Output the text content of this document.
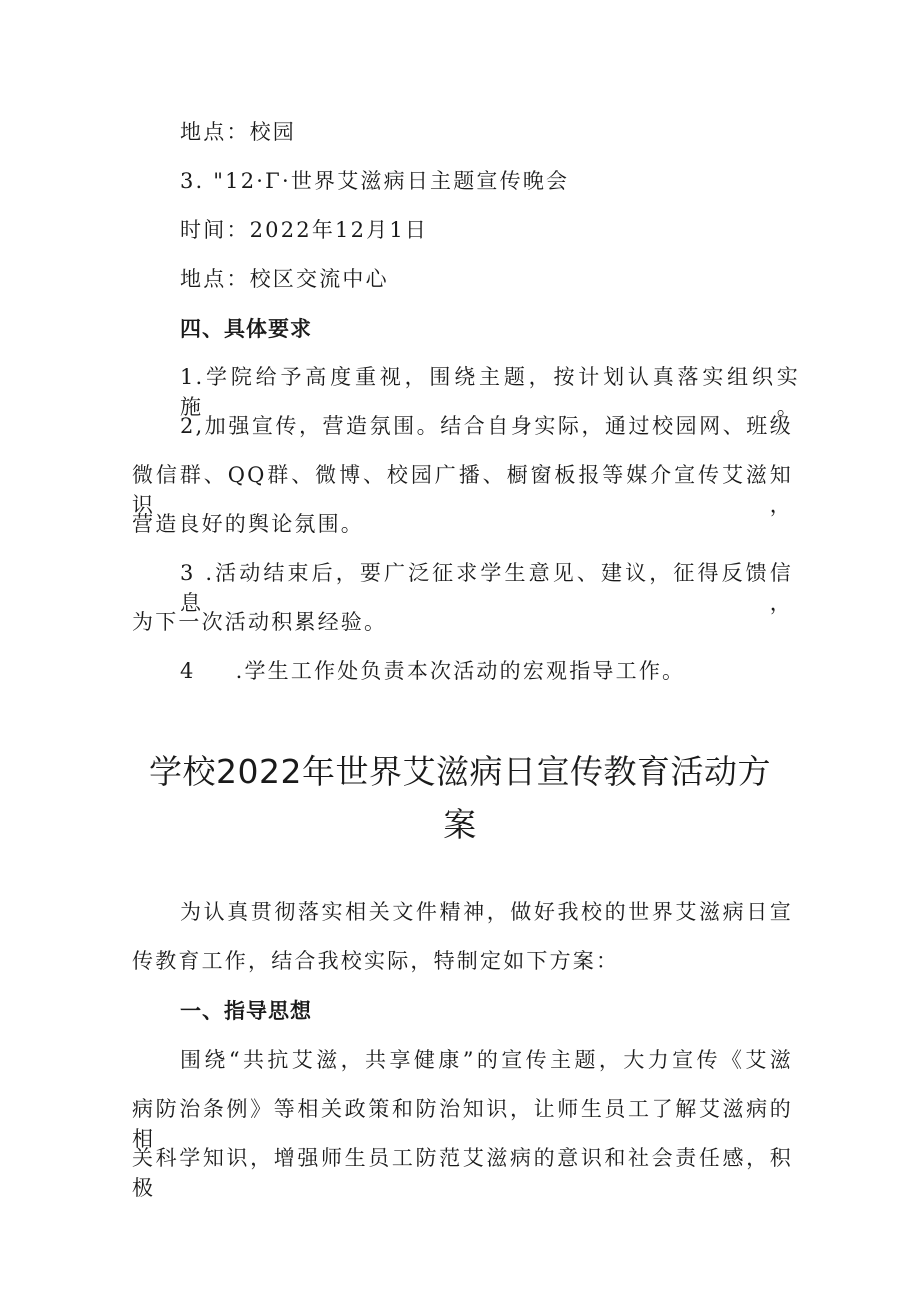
地点：校园
3. "12·Γ·世界艾滋病日主题宣传晚会
时间：2022年12月1日
地点：校区交流中心
四、具体要求
1.学院给予高度重视，围绕主题，按计划认真落实组织实施。
2,加强宣传，营造氛围。结合自身实际，通过校园网、班级
微信群、QQ群、微博、校园广播、橱窗板报等媒介宣传艾滋知识，
营造良好的舆论氛围。
3 .活动结束后，要广泛征求学生意见、建议，征得反馈信息，
为下一次活动积累经验。
4 .学生工作处负责本次活动的宏观指导工作。
学校2022年世界艾滋病日宣传教育活动方
案
为认真贯彻落实相关文件精神，做好我校的世界艾滋病日宣
传教育工作，结合我校实际，特制定如下方案：
一、指导思想
围绕“共抗艾滋，共享健康”的宣传主题，大力宣传《艾滋
病防治条例》等相关政策和防治知识，让师生员工了解艾滋病的相
关科学知识，增强师生员工防范艾滋病的意识和社会责任感，积极
